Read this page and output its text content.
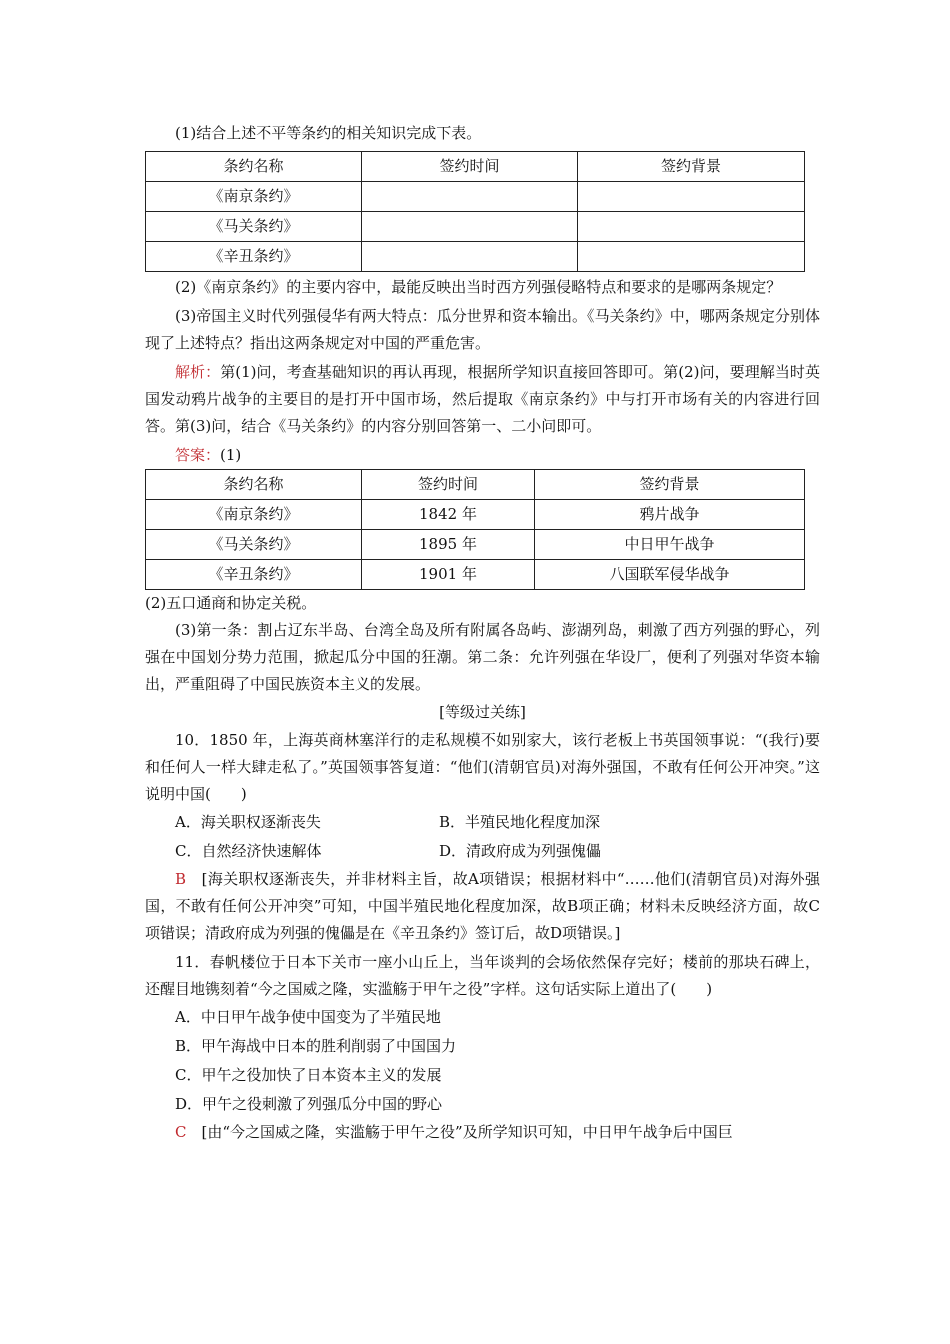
(1)结合上述不平等条约的相关知识完成下表。

条约名称	签约时间	签约背景
《南京条约》		
《马关条约》		
《辛丑条约》		

(2)《南京条约》的主要内容中，最能反映出当时西方列强侵略特点和要求的是哪两条规定？

(3)帝国主义时代列强侵华有两大特点：瓜分世界和资本输出。《马关条约》中，哪两条规定分别体现了上述特点？指出这两条规定对中国的严重危害。

解析：第(1)问，考查基础知识的再认再现，根据所学知识直接回答即可。第(2)问，要理解当时英国发动鸦片战争的主要目的是打开中国市场，然后提取《南京条约》中与打开市场有关的内容进行回答。第(3)问，结合《马关条约》的内容分别回答第一、二小问即可。

答案：(1)

条约名称	签约时间	签约背景
《南京条约》	1842 年	鸦片战争
《马关条约》	1895 年	中日甲午战争
《辛丑条约》	1901 年	八国联军侵华战争

(2)五口通商和协定关税。

(3)第一条：割占辽东半岛、台湾全岛及所有附属各岛屿、澎湖列岛，刺激了西方列强的野心，列强在中国划分势力范围，掀起瓜分中国的狂潮。第二条：允许列强在华设厂，便利了列强对华资本输出，严重阻碍了中国民族资本主义的发展。

[等级过关练]

10．1850 年，上海英商林塞洋行的走私规模不如别家大，该行老板上书英国领事说：“(我行)要和任何人一样大肆走私了。”英国领事答复道：“他们(清朝官员)对海外强国，不敢有任何公开冲突。”这说明中国(　　)

A．海关职权逐渐丧失	B．半殖民地化程度加深
C．自然经济快速解体	D．清政府成为列强傀儡

B　 [海关职权逐渐丧失，并非材料主旨，故A项错误；根据材料中“……他们(清朝官员)对海外强国，不敢有任何公开冲突”可知，中国半殖民地化程度加深，故B项正确；材料未反映经济方面，故C项错误；清政府成为列强的傀儡是在《辛丑条约》签订后，故D项错误。]

11．春帆楼位于日本下关市一座小山丘上，当年谈判的会场依然保存完好；楼前的那块石碑上，还醒目地镌刻着“今之国威之隆，实滥觞于甲午之役”字样。这句话实际上道出了(　　)

A．中日甲午战争使中国变为了半殖民地
B．甲午海战中日本的胜利削弱了中国国力
C．甲午之役加快了日本资本主义的发展
D．甲午之役刺激了列强瓜分中国的野心

C　 [由“今之国威之隆，实滥觞于甲午之役”及所学知识可知，中日甲午战争后中国巨
